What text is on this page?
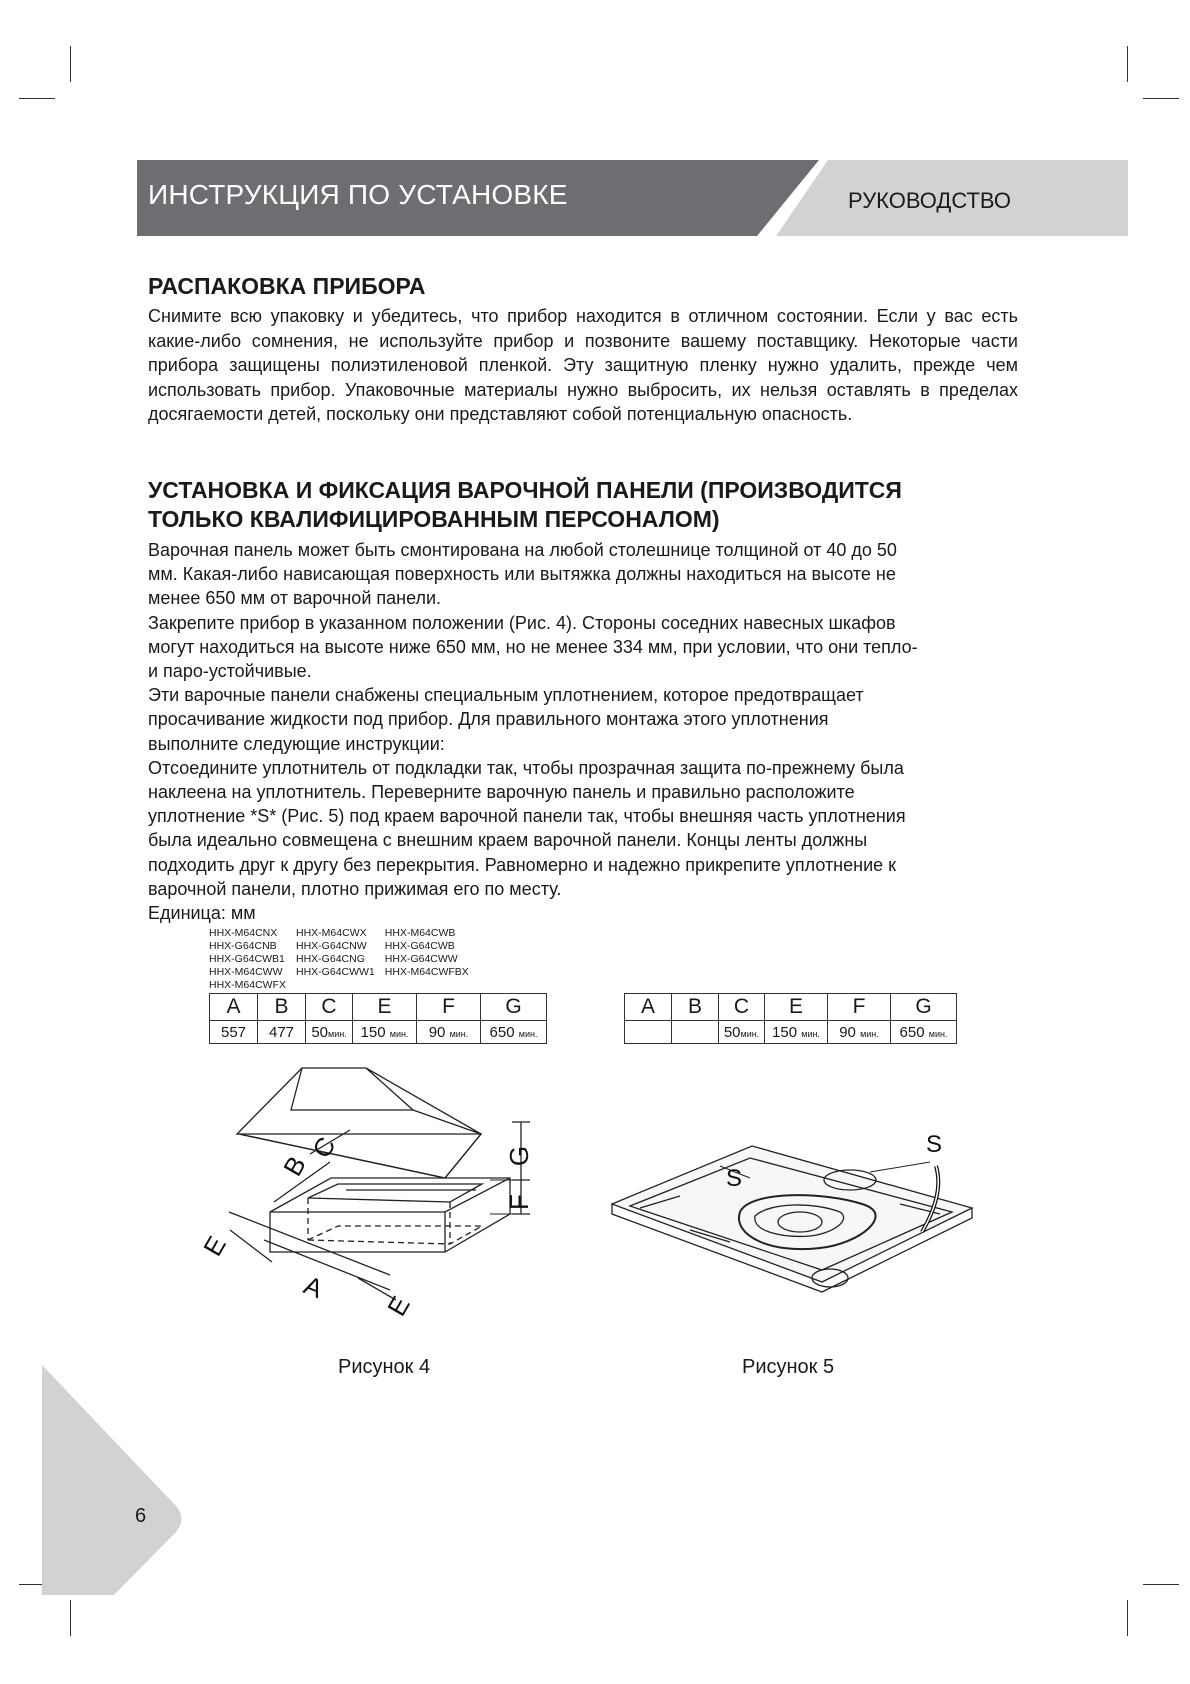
ИНСТРУКЦИЯ ПО УСТАНОВКЕ	РУКОВОДСТВО
РАСПАКОВКА ПРИБОРА

Снимите всю упаковку и убедитесь, что прибор находится в отличном состоянии. Если у вас есть какие-либо сомнения, не используйте прибор и позвоните вашему поставщику. Некоторые части прибора защищены полиэтиленовой пленкой. Эту защитную пленку нужно удалить, прежде чем использовать прибор. Упаковочные материалы нужно выбросить, их нельзя оставлять в пределах досягаемости детей, поскольку они представляют собой потенциальную опасность.

УСТАНОВКА И ФИКСАЦИЯ ВАРОЧНОЙ ПАНЕЛИ (ПРОИЗВОДИТСЯ
ТОЛЬКО КВАЛИФИЦИРОВАННЫМ ПЕРСОНАЛОМ)

Варочная панель может быть смонтирована на любой столешнице толщиной от 40 до 50

мм. Какая-либо нависающая поверхность или вытяжка должны находиться на высоте не

менее 650 мм от варочной панели.

Закрепите прибор в указанном положении (Рис. 4). Стороны соседних навесных шкафов

могут находиться на высоте ниже 650 мм, но не менее 334 мм, при условии, что они тепло-

и паро-устойчивые.

Эти варочные панели снабжены специальным уплотнением, которое предотвращает

просачивание жидкости под прибор. Для правильного монтажа этого уплотнения

выполните следующие инструкции:

Отсоедините уплотнитель от подкладки так, чтобы прозрачная защита по-прежнему была

наклеена на уплотнитель. Переверните варочную панель и правильно расположите

уплотнение *S* (Рис. 5) под краем варочной панели так, чтобы внешняя часть уплотнения

была идеально совмещена с внешним краем варочной панели. Концы ленты должны

подходить друг к другу без перекрытия. Равномерно и надежно прикрепите уплотнение к

варочной панели, плотно прижимая его по месту.

Единица: мм

HHX-M64CNX	HHX-M64CWX	HHX-M64CWB
HHX-G64CNB	HHX-G64CNW	HHX-G64CWB
HHX-G64CWB1	HHX-G64CNG	HHX-G64CWW
HHX-M64CWW	HHX-G64CWW1	HHX-M64CWFBX
HHX-M64CWFX		
A	B	C	E	F	G
557	477	50мин.	150 мин.	90 мин.	650 мин.
A	B	C	E	F	G
		50мин.	150 мин.	90 мин.	650 мин.
G
F
B
C
A
E
E
S
S
Рисунок 4	Рисунок 5
6
